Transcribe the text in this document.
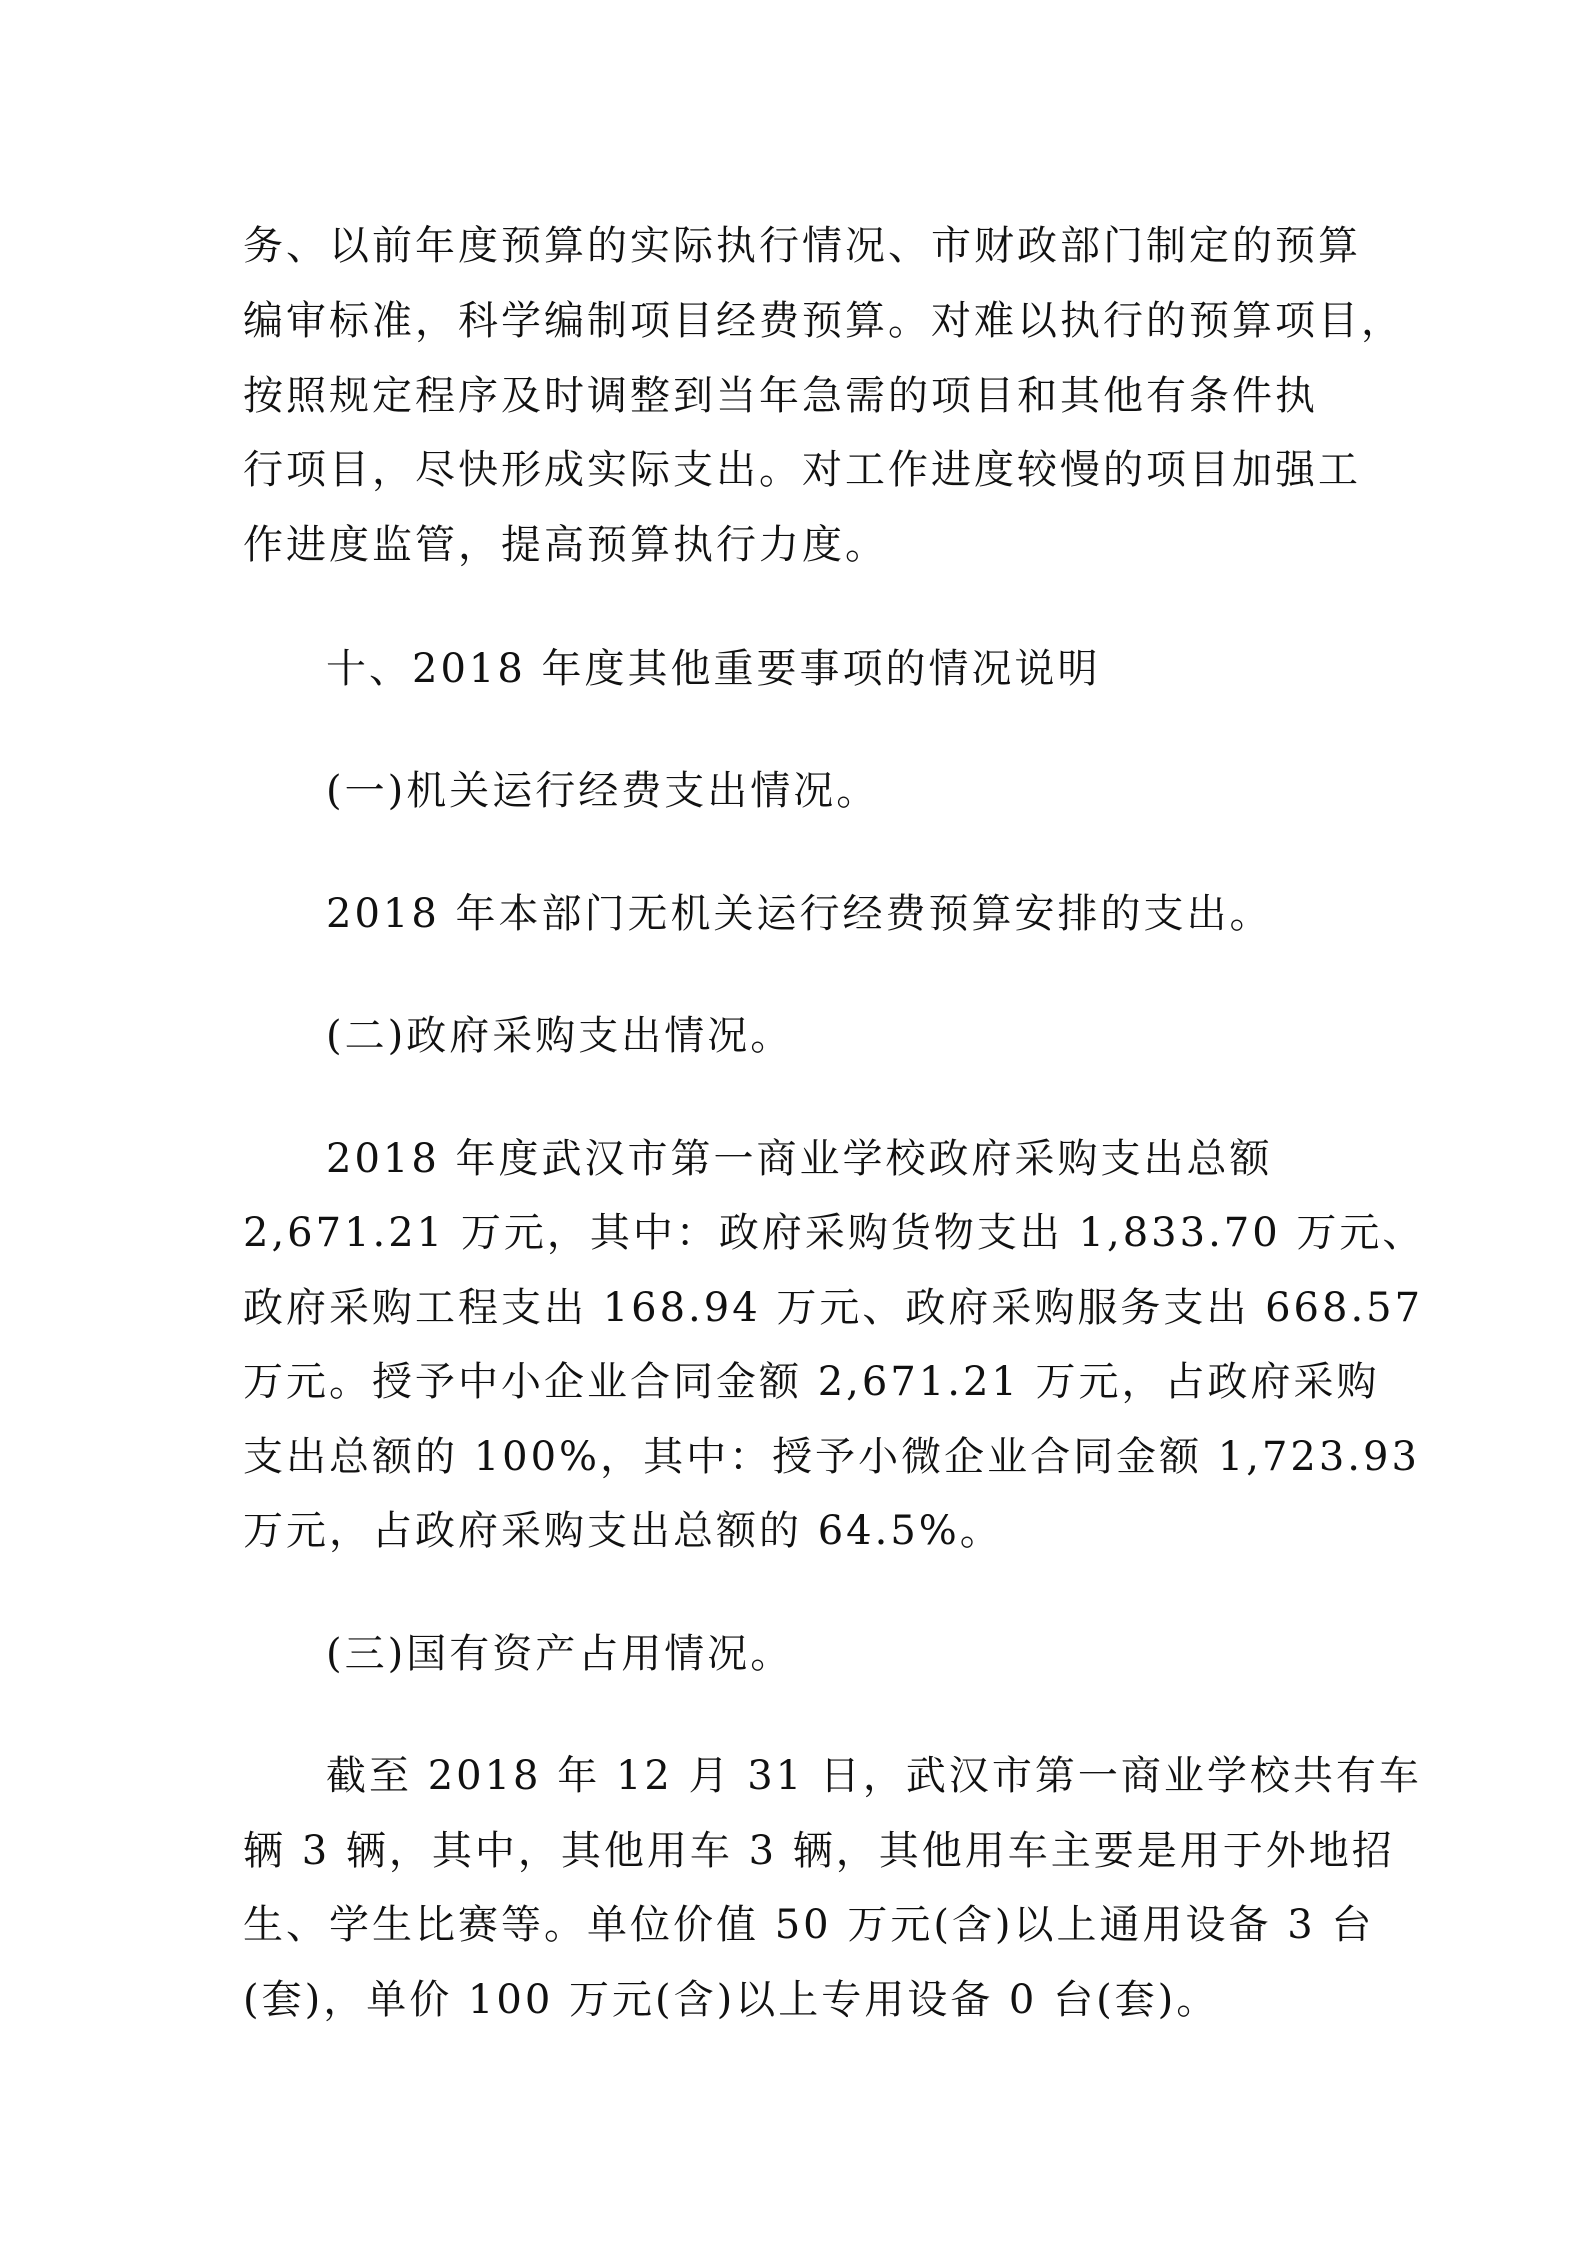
务、以前年度预算的实际执行情况、市财政部门制定的预算
编审标准，科学编制项目经费预算。对难以执行的预算项目，
按照规定程序及时调整到当年急需的项目和其他有条件执
行项目，尽快形成实际支出。对工作进度较慢的项目加强工
作进度监管，提高预算执行力度。
十、2018 年度其他重要事项的情况说明
(一)机关运行经费支出情况。
2018 年本部门无机关运行经费预算安排的支出。
(二)政府采购支出情况。
2018 年度武汉市第一商业学校政府采购支出总额
2,671.21 万元，其中：政府采购货物支出 1,833.70 万元、
政府采购工程支出 168.94 万元、政府采购服务支出 668.57
万元。授予中小企业合同金额 2,671.21 万元，占政府采购
支出总额的 100%，其中：授予小微企业合同金额 1,723.93
万元，占政府采购支出总额的 64.5%。
(三)国有资产占用情况。
截至 2018 年 12 月 31 日，武汉市第一商业学校共有车
辆 3 辆，其中，其他用车 3 辆，其他用车主要是用于外地招
生、学生比赛等。单位价值 50 万元(含)以上通用设备 3 台
(套)，单价 100 万元(含)以上专用设备 0 台(套)。
